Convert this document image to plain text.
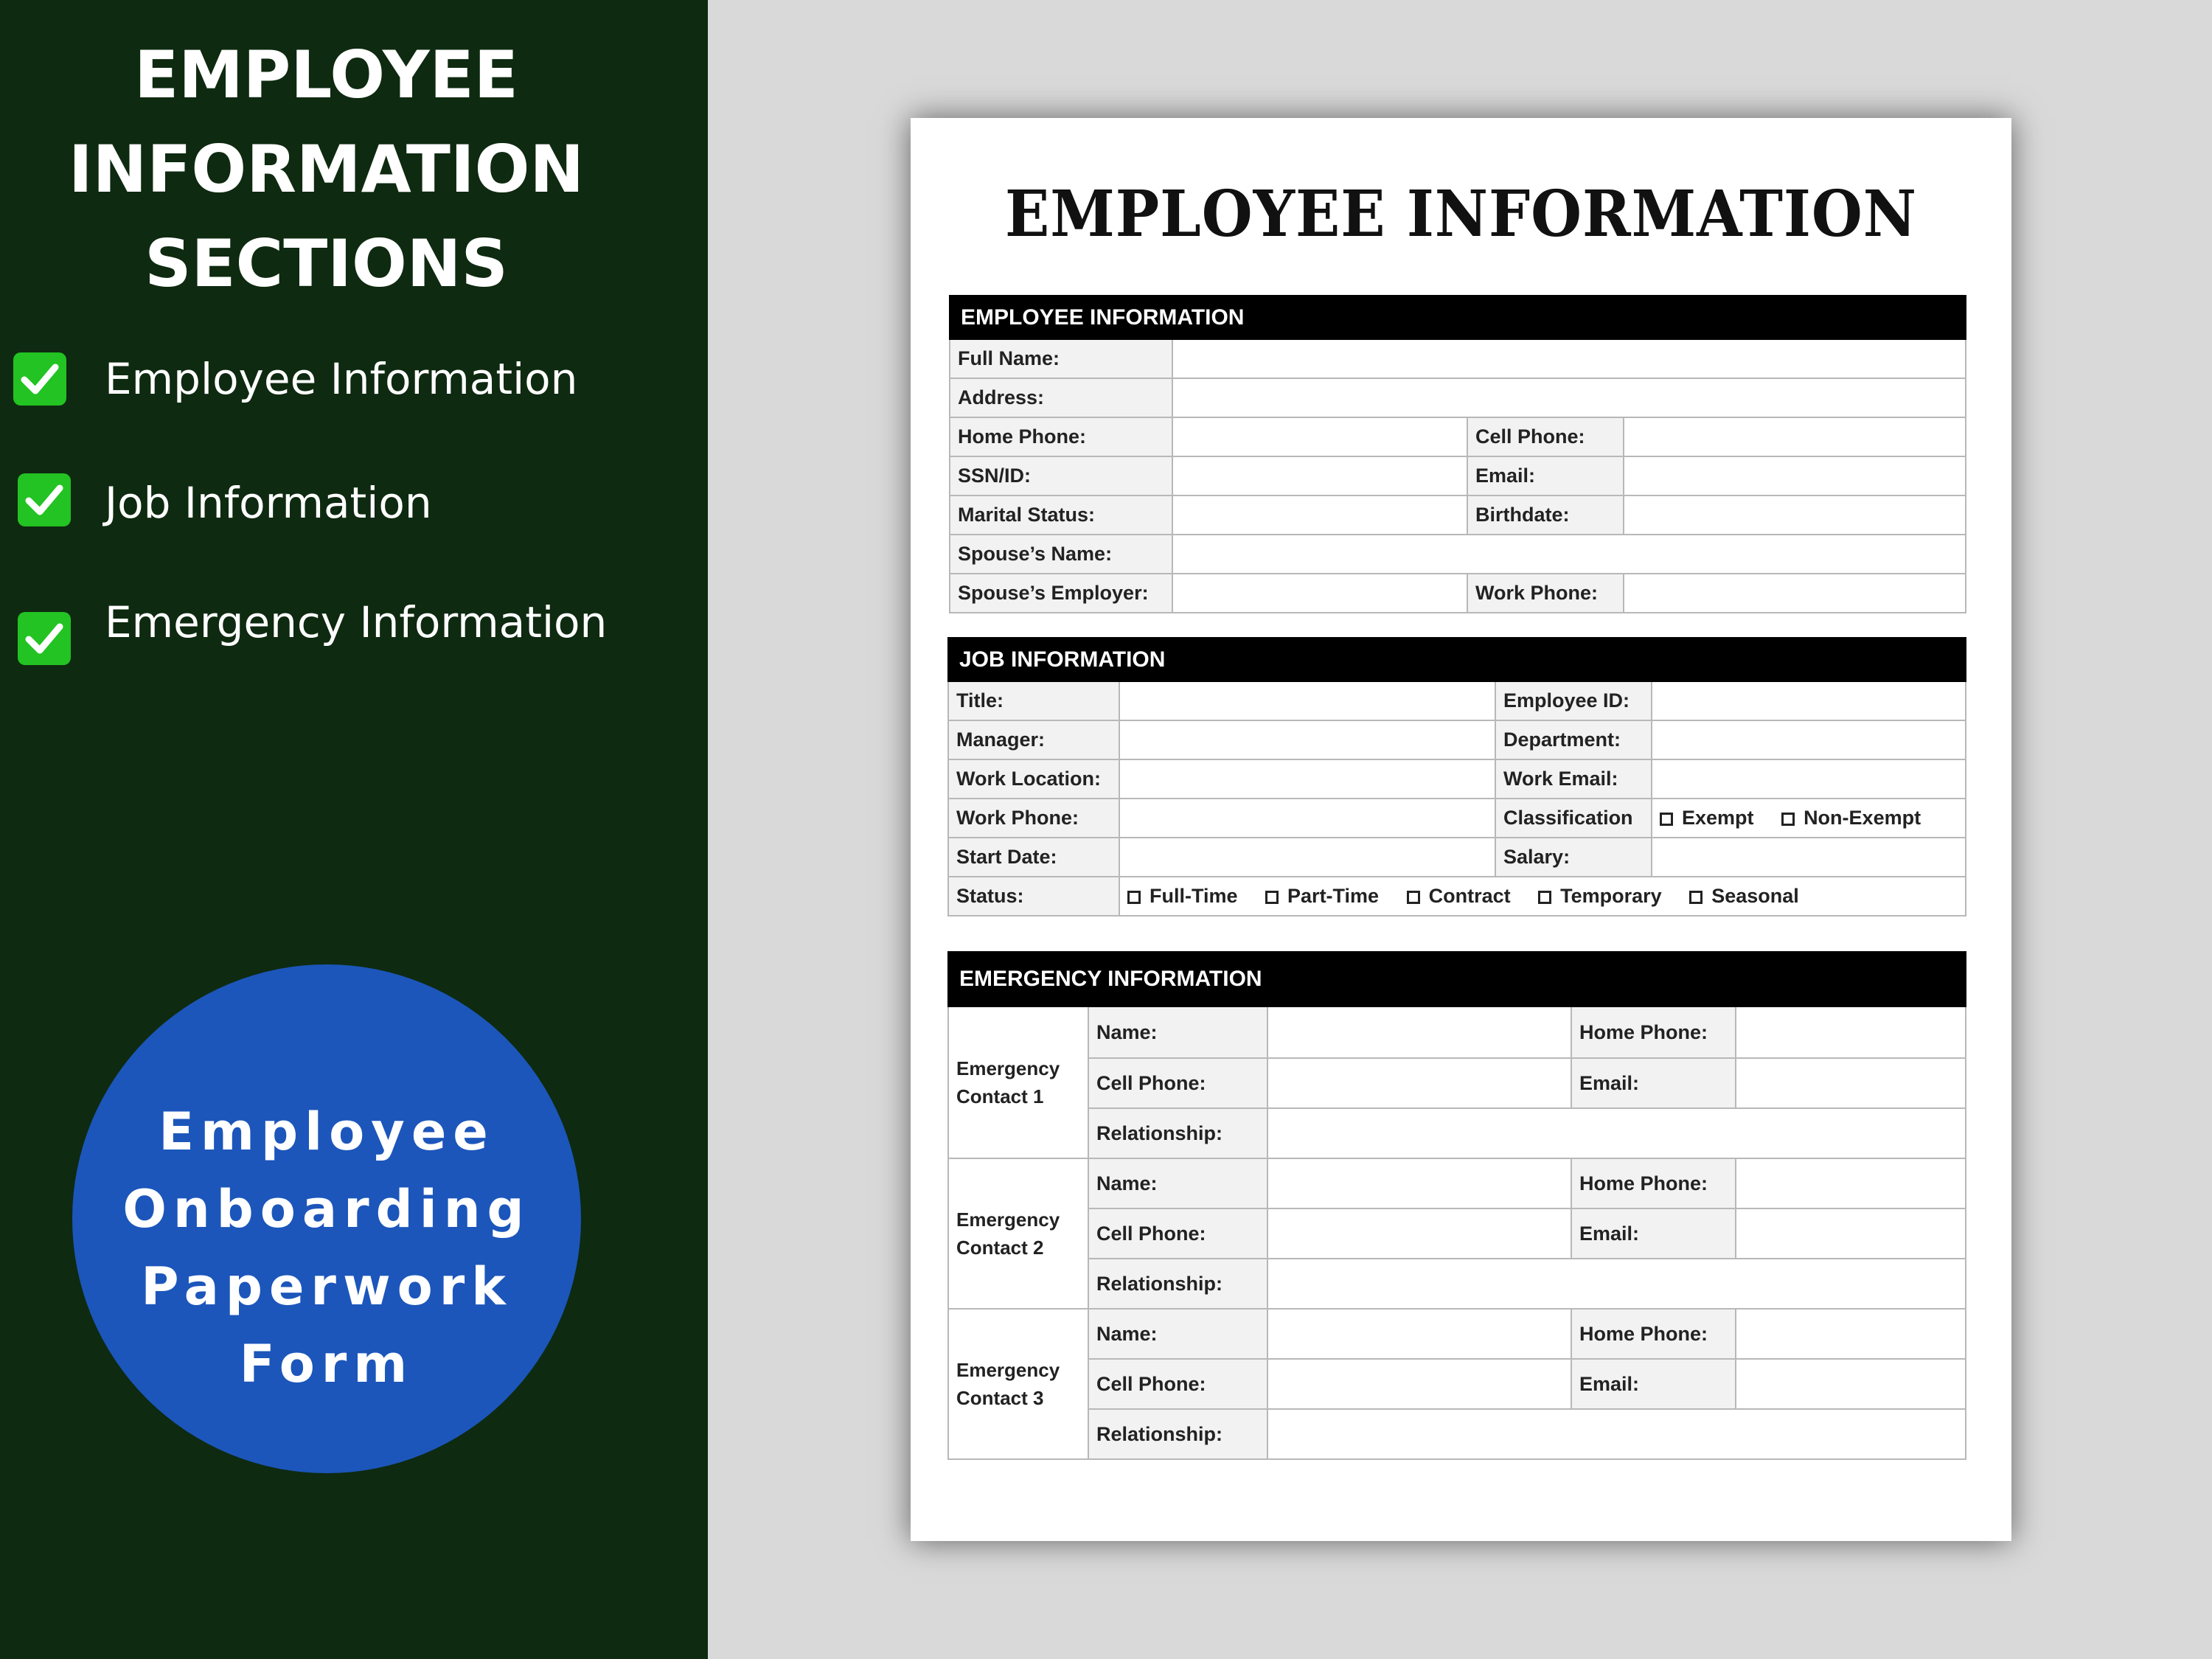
EMPLOYEE
INFORMATION
SECTIONS
Employee Information
Job Information
Emergency Information
Employee
Onboarding
Paperwork
Form
EMPLOYEE INFORMATION
EMPLOYEE INFORMATION			
Full Name:			
Address:			
Home Phone:		Cell Phone:	
SSN/ID:		Email:	
Marital Status:		Birthdate:	
Spouse’s Name:			
Spouse’s Employer:		Work Phone:	
JOB INFORMATION			
Title:		Employee ID:	
Manager:		Department:	
Work Location:		Work Email:	
Work Phone:		Classification	Exempt Non-Exempt
Start Date:		Salary:	
Status:	Full-Time Part-Time Contract Temporary Seasonal		
EMERGENCY INFORMATION				
Emergency Contact 1	Name:		Home Phone:	
	Cell Phone:		Email:	
	Relationship:			
Emergency Contact 2	Name:		Home Phone:	
	Cell Phone:		Email:	
	Relationship:			
Emergency Contact 3	Name:		Home Phone:	
	Cell Phone:		Email:	
	Relationship:			
